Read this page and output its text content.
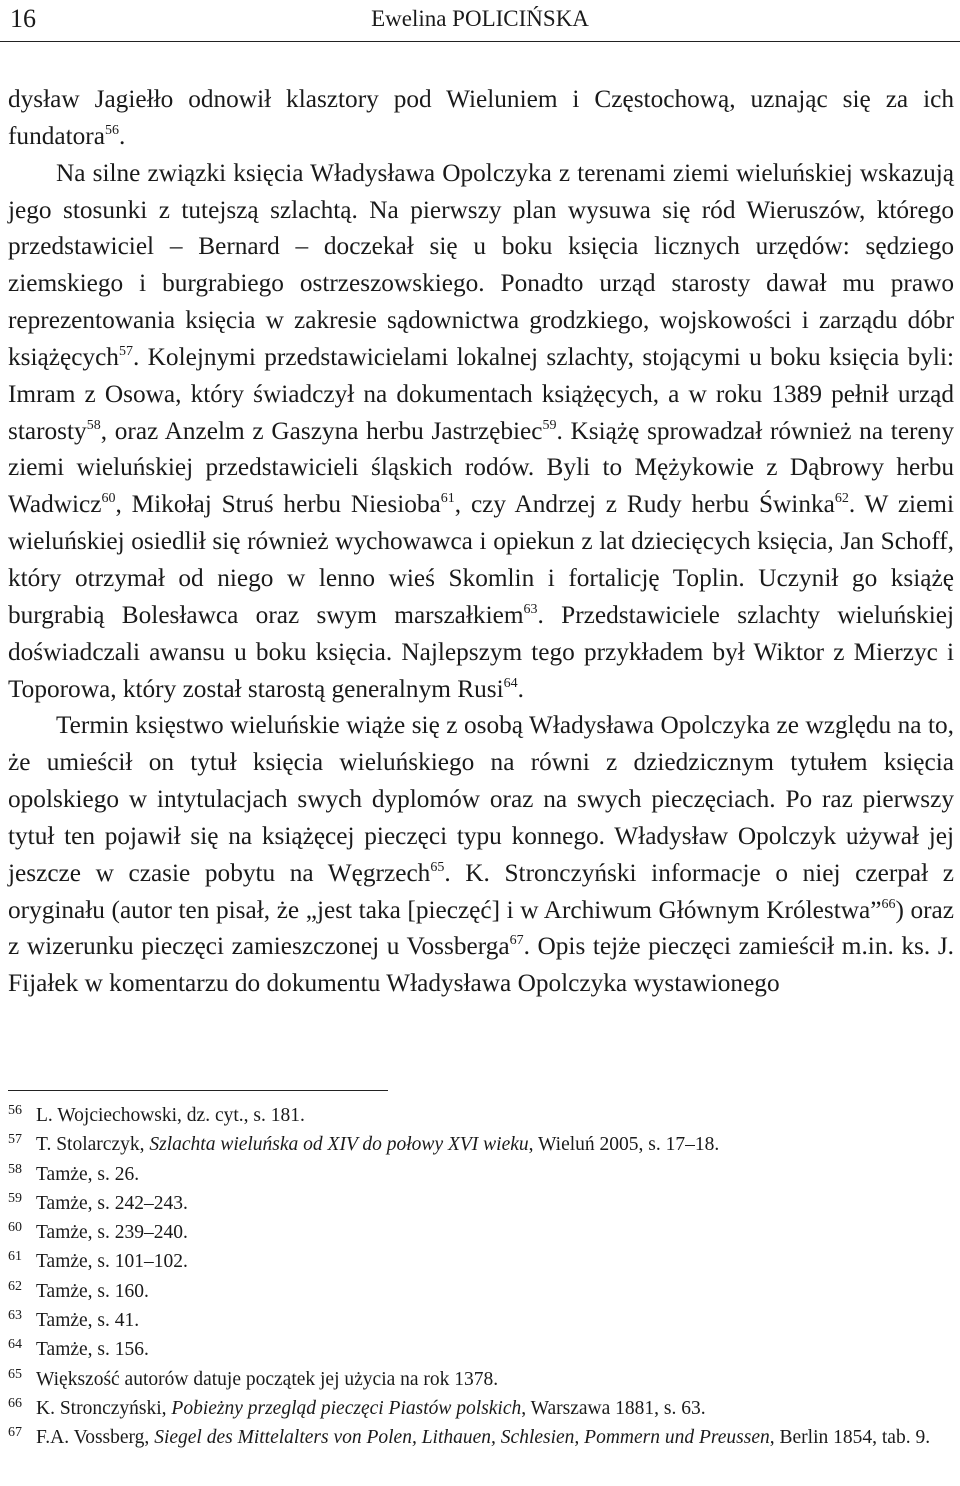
16	Ewelina POLICIŃSKA

dysław Jagiełło odnowił klasztory pod Wieluniem i Częstochową, uznając się za ich fundatora$^{56}$.

Na silne związki księcia Władysława Opolczyka z terenami ziemi wieluńskiej wskazują jego stosunki z tutejszą szlachtą. Na pierwszy plan wysuwa się ród Wieruszów, którego przedstawiciel – Bernard – doczekał się u boku księcia licznych urzędów: sędziego ziemskiego i burgrabiego ostrzeszowskiego. Ponadto urząd starosty dawał mu prawo reprezentowania księcia w zakresie sądownictwa grodzkiego, wojskowości i zarządu dóbr książęcych$^{57}$. Kolejnymi przedstawicielami lokalnej szlachty, stojącymi u boku księcia byli: Imram z Osowa, który świadczył na dokumentach książęcych, a w roku 1389 pełnił urząd starosty$^{58}$, oraz Anzelm z Gaszyna herbu Jastrzębiec$^{59}$. Książę sprowadzał również na tereny ziemi wieluńskiej przedstawicieli śląskich rodów. Byli to Mężykowie z Dąbrowy herbu Wadwicz$^{60}$, Mikołaj Struś herbu Niesioba$^{61}$, czy Andrzej z Rudy herbu Świnka$^{62}$. W ziemi wieluńskiej osiedlił się również wychowawca i opiekun z lat dziecięcych księcia, Jan Schoff, który otrzymał od niego w lenno wieś Skomlin i fortalicję Toplin. Uczynił go książę burgrabią Bolesławca oraz swym marszałkiem$^{63}$. Przedstawiciele szlachty wieluńskiej doświadczali awansu u boku księcia. Najlepszym tego przykładem był Wiktor z Mierzyc i Toporowa, który został starostą generalnym Rusi$^{64}$.

Termin księstwo wieluńskie wiąże się z osobą Władysława Opolczyka ze względu na to, że umieścił on tytuł księcia wieluńskiego na równi z dziedzicznym tytułem księcia opolskiego w intytulacjach swych dyplomów oraz na swych pieczęciach. Po raz pierwszy tytuł ten pojawił się na książęcej pieczęci typu konnego. Władysław Opolczyk używał jej jeszcze w czasie pobytu na Węgrzech$^{65}$. K. Stronczyński informacje o niej czerpał z oryginału (autor ten pisał, że „jest taka [pieczęć] i w Archiwum Głównym Królestwa”$^{66}$) oraz z wizerunku pieczęci zamieszczonej u Vossberga$^{67}$. Opis tejże pieczęci zamieścił m.in. ks. J. Fijałek w komentarzu do dokumentu Władysława Opolczyka wystawionego

56 L. Wojciechowski, dz. cyt., s. 181.
57 T. Stolarczyk, Szlachta wieluńska od XIV do połowy XVI wieku, Wieluń 2005, s. 17–18.
58 Tamże, s. 26.
59 Tamże, s. 242–243.
60 Tamże, s. 239–240.
61 Tamże, s. 101–102.
62 Tamże, s. 160.
63 Tamże, s. 41.
64 Tamże, s. 156.
65 Większość autorów datuje początek jej użycia na rok 1378.
66 K. Stronczyński, Pobieżny przegląd pieczęci Piastów polskich, Warszawa 1881, s. 63.
67 F.A. Vossberg, Siegel des Mittelalters von Polen, Lithauen, Schlesien, Pommern und Preussen, Berlin 1854, tab. 9.
